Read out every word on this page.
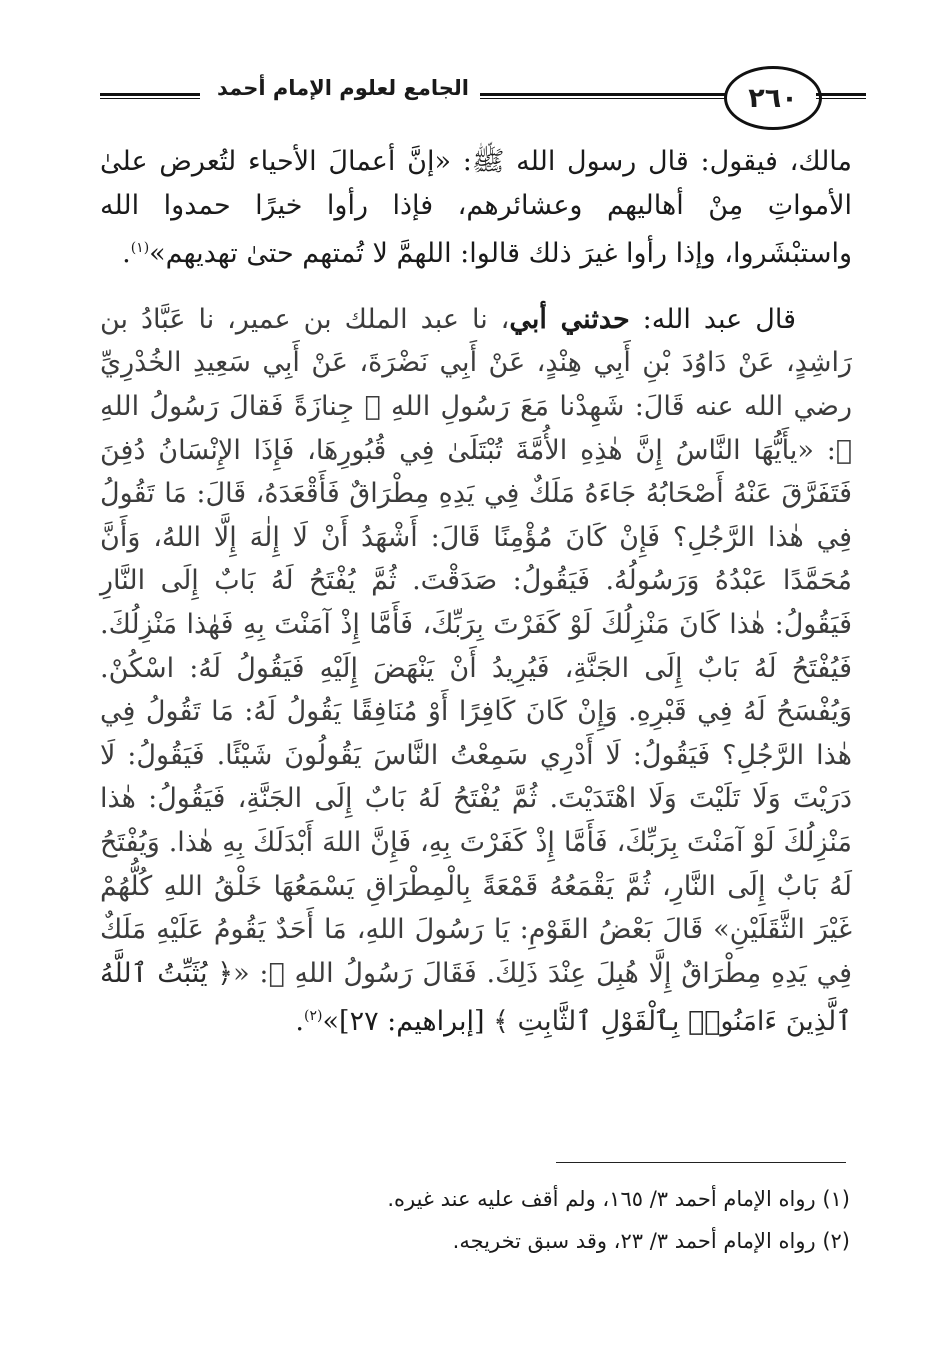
الجامع لعلوم الإمام أحمد	٢٦٠

مالك، فيقول: قال رسول الله ﷺ: «إنَّ أعمالَ الأحياء لتُعرض علىٰ الأمواتِ مِنْ أهاليهم وعشائرهم، فإذا رأوا خيرًا حمدوا الله واستبْشَروا، وإذا رأوا غيرَ ذلك قالوا: اللهمَّ لا تُمتهم حتىٰ تهديهم»$^{(١)}$.

قال عبد الله: حدثني أبي، نا عبد الملك بن عمير، نا عَبَّادُ بن رَاشِدٍ، عَنْ دَاوُدَ بْنِ أَبِي هِنْدٍ، عَنْ أَبِي نَضْرَةَ، عَنْ أَبِي سَعِيدِ الخُدْرِيِّ رضي الله عنه قَالَ: شَهِدْنا مَعَ رَسُولِ اللهِ ﷺ جِنازَةً فَقالَ رَسُولُ اللهِ ﷺ: «يأَيُّهَا النَّاسُ إِنَّ هٰذِهِ الأُمَّةَ تُبْتَلَىٰ فِي قُبُورِهَا، فَإِذَا الإِنْسَانُ دُفِنَ فَتَفَرَّقَ عَنْهُ أَصْحَابُهُ جَاءَهُ مَلَكٌ فِي يَدِهِ مِطْرَاقٌ فَأَقْعَدَهُ، قَالَ: مَا تَقُولُ فِي هٰذا الرَّجُلِ؟ فَإِنْ كَانَ مُؤْمِنًا قَالَ: أَشْهَدُ أَنْ لَا إِلٰهَ إِلَّا اللهُ، وَأَنَّ مُحَمَّدًا عَبْدُهُ وَرَسُولُهُ. فَيَقُولُ: صَدَقْتَ. ثُمَّ يُفْتَحُ لَهُ بَابٌ إِلَى النَّارِ فَيَقُولُ: هٰذا كَانَ مَنْزِلُكَ لَوْ كَفَرْتَ بِرَبِّكَ، فَأَمَّا إِذْ آمَنْتَ بِهِ فَهٰذا مَنْزِلُكَ. فَيُفْتَحُ لَهُ بَابٌ إِلَى الجَنَّةِ، فَيُرِيدُ أَنْ يَنْهَضَ إِلَيْهِ فَيَقُولُ لَهُ: اسْكُنْ. وَيُفْسَحُ لَهُ فِي قَبْرِهِ. وَإِنْ كَانَ كَافِرًا أَوْ مُنَافِقًا يَقُولُ لَهُ: مَا تَقُولُ فِي هٰذا الرَّجُلِ؟ فَيَقُولُ: لَا أَدْرِي سَمِعْتُ النَّاسَ يَقُولُونَ شَيْئًا. فَيَقُولُ: لَا دَرَيْتَ وَلَا تَلَيْتَ وَلَا اهْتَدَيْتَ. ثُمَّ يُفْتَحُ لَهُ بَابٌ إِلَى الجَنَّةِ، فَيَقُولُ: هٰذا مَنْزِلُكَ لَوْ آمَنْتَ بِرَبِّكَ، فَأَمَّا إِذْ كَفَرْتَ بِهِ، فَإِنَّ اللهَ أَبْدَلَكَ بِهِ هٰذا. وَيُفْتَحُ لَهُ بَابٌ إِلَى النَّارِ، ثُمَّ يَقْمَعُهُ قَمْعَةً بِالْمِطْرَاقِ يَسْمَعُهَا خَلْقُ اللهِ كُلُّهُمْ غَيْرَ الثَّقَلَيْنِ» قَالَ بَعْضُ القَوْمِ: يَا رَسُولَ اللهِ، مَا أَحَدٌ يَقُومُ عَلَيْهِ مَلَكٌ فِي يَدِهِ مِطْرَاقٌ إِلَّا هُبِلَ عِنْدَ ذَلِكَ. فَقَالَ رَسُولُ اللهِ ﷺ: «﴿ يُثَبِّتُ ٱللَّهُ ٱلَّذِينَ ءَامَنُوا۟ بِٱلْقَوْلِ ٱلثَّابِتِ ﴾ [إبراهيم: ٢٧]»$^{(٢)}$.

(١) رواه الإمام أحمد ٣/ ١٦٥، ولم أقف عليه عند غيره.
(٢) رواه الإمام أحمد ٣/ ٢٣، وقد سبق تخريجه.
